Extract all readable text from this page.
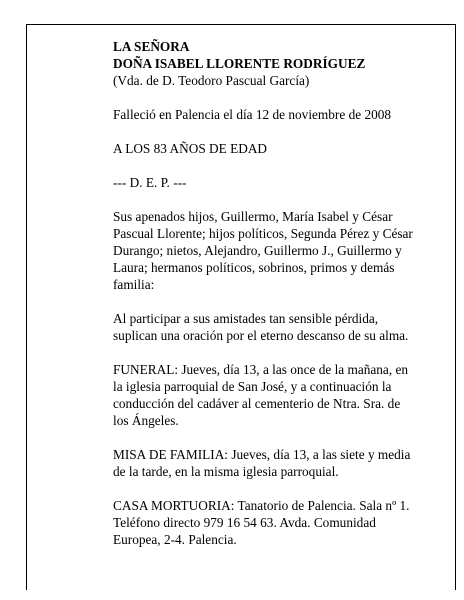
LA SEÑORA

DOÑA ISABEL LLORENTE RODRÍGUEZ

(Vda. de D. Teodoro Pascual García)

Falleció en Palencia el día 12 de noviembre de 2008

A LOS 83 AÑOS DE EDAD

--- D. E. P. ---

Sus apenados hijos, Guillermo, María Isabel y César Pascual Llorente; hijos políticos, Segunda Pérez y César Durango; nietos, Alejandro, Guillermo J., Guillermo y Laura; hermanos políticos, sobrinos, primos y demás familia:

Al participar a sus amistades tan sensible pérdida, suplican una oración por el eterno descanso de su alma.

FUNERAL: Jueves, día 13, a las once de la mañana, en la iglesia parroquial de San José, y a continuación la conducción del cadáver al cementerio de Ntra. Sra. de los Ángeles.

MISA DE FAMILIA: Jueves, día 13, a las siete y media de la tarde, en la misma iglesia parroquial.

CASA MORTUORIA: Tanatorio de Palencia. Sala nº 1. Teléfono directo 979 16 54 63. Avda. Comunidad Europea, 2-4. Palencia.
